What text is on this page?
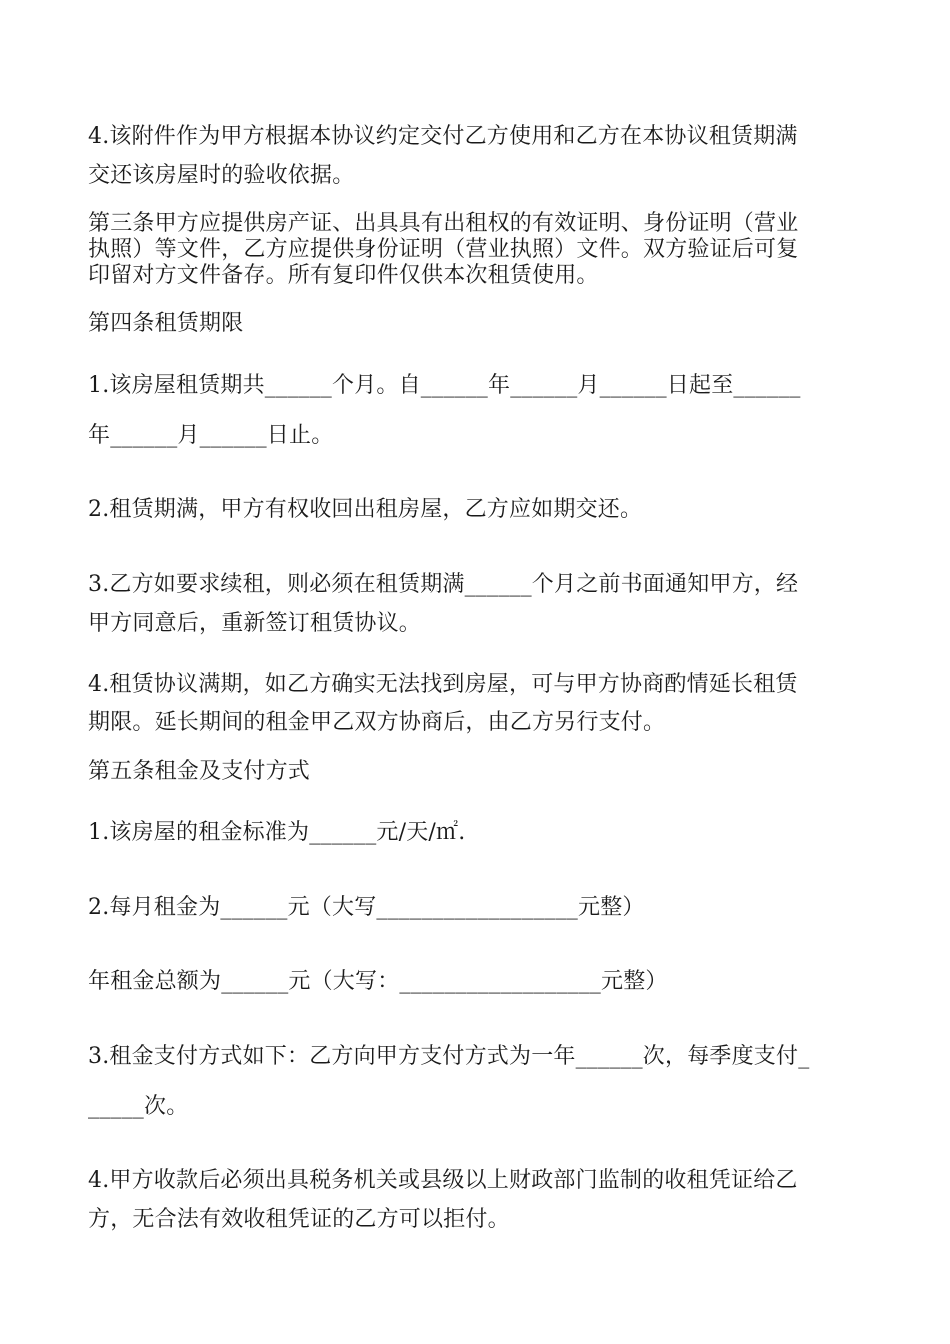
4.该附件作为甲方根据本协议约定交付乙方使用和乙方在本协议租赁期满
交还该房屋时的验收依据。
第三条甲方应提供房产证、出具具有出租权的有效证明、身份证明（营业
执照）等文件，乙方应提供身份证明（营业执照）文件。双方验证后可复
印留对方文件备存。所有复印件仅供本次租赁使用。
第四条租赁期限
1.该房屋租赁期共______个月。自______年______月______日起至______
年______月______日止。
2.租赁期满，甲方有权收回出租房屋，乙方应如期交还。
3.乙方如要求续租，则必须在租赁期满______个月之前书面通知甲方，经
甲方同意后，重新签订租赁协议。
4.租赁协议满期，如乙方确实无法找到房屋，可与甲方协商酌情延长租赁
期限。延长期间的租金甲乙双方协商后，由乙方另行支付。
第五条租金及支付方式
1.该房屋的租金标准为______元/天/㎡.
2.每月租金为______元（大写__________________元整）
年租金总额为______元（大写：__________________元整）
3.租金支付方式如下：乙方向甲方支付方式为一年______次，每季度支付_
_____次。
4.甲方收款后必须出具税务机关或县级以上财政部门监制的收租凭证给乙
方，无合法有效收租凭证的乙方可以拒付。
